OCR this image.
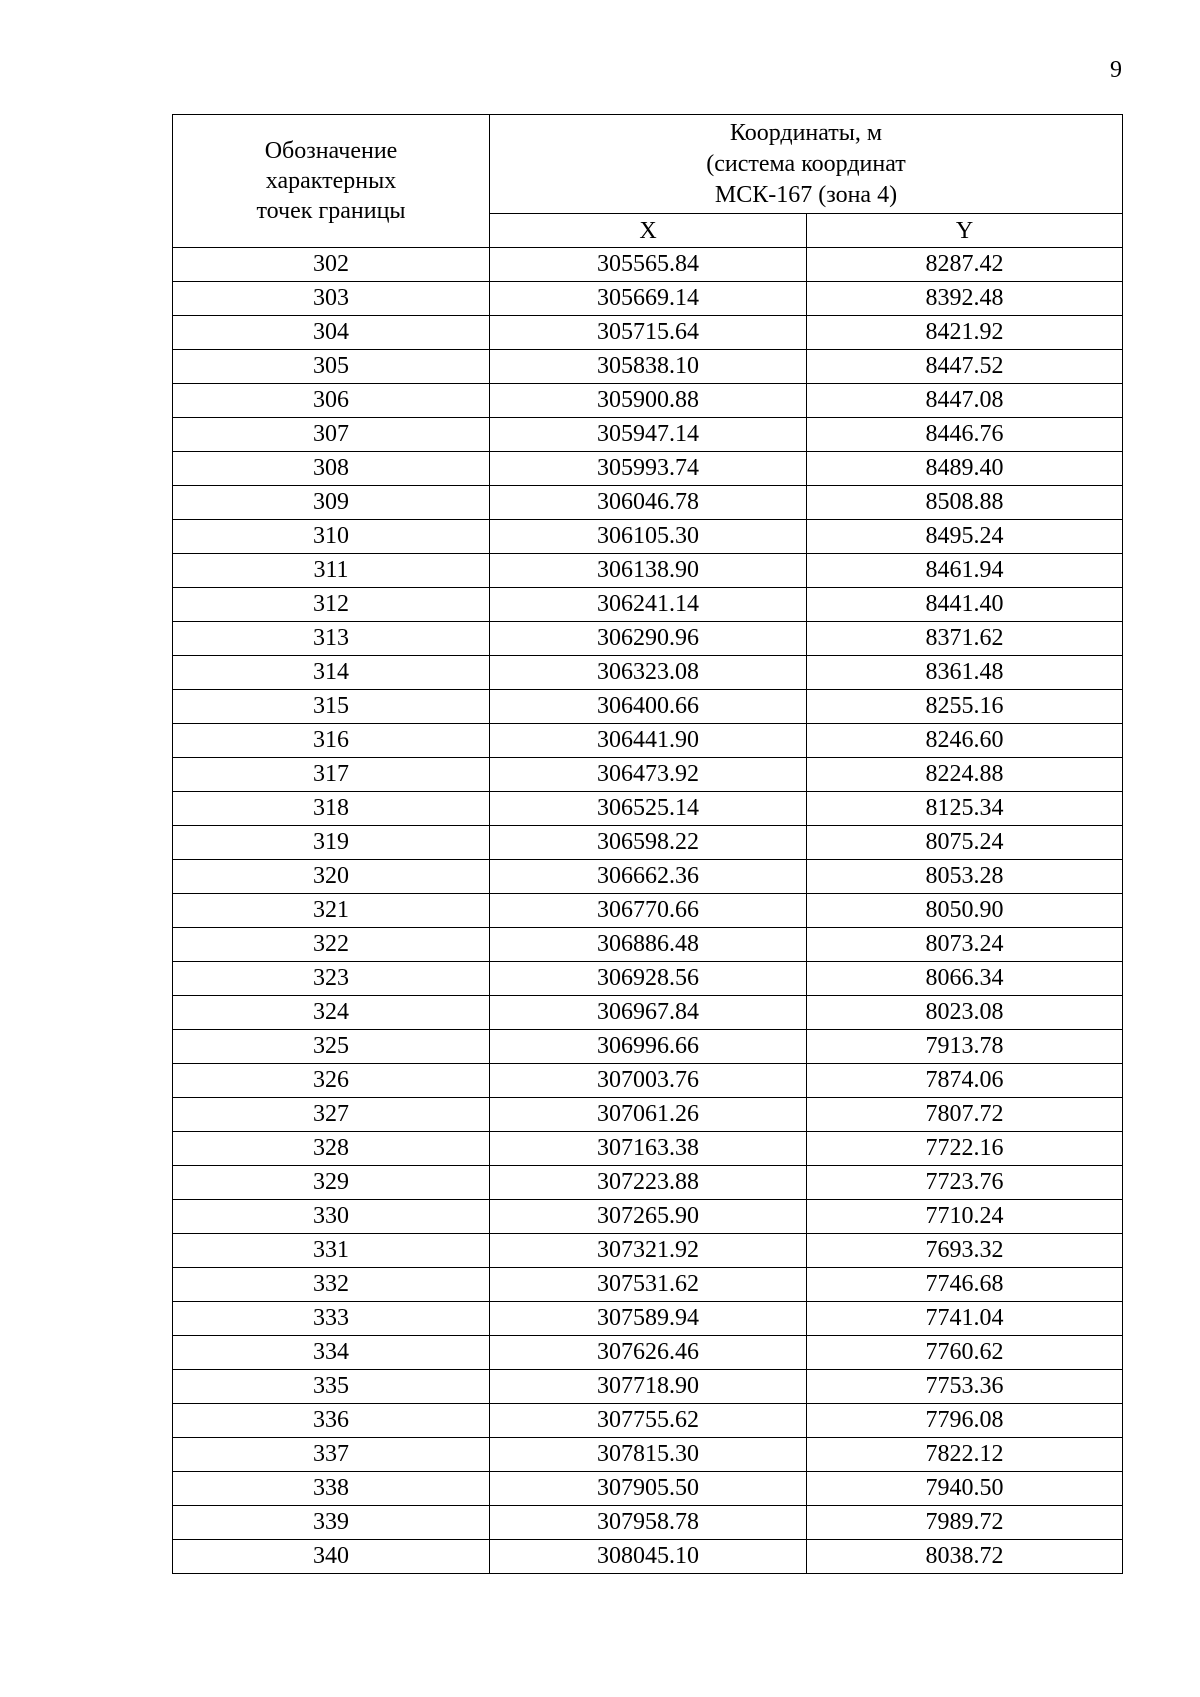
9
Обозначение
характерных
точек границы	Координаты, м
(система координат
МСК-167 (зона 4)	
	X	Y
302	305565.84	8287.42
303	305669.14	8392.48
304	305715.64	8421.92
305	305838.10	8447.52
306	305900.88	8447.08
307	305947.14	8446.76
308	305993.74	8489.40
309	306046.78	8508.88
310	306105.30	8495.24
311	306138.90	8461.94
312	306241.14	8441.40
313	306290.96	8371.62
314	306323.08	8361.48
315	306400.66	8255.16
316	306441.90	8246.60
317	306473.92	8224.88
318	306525.14	8125.34
319	306598.22	8075.24
320	306662.36	8053.28
321	306770.66	8050.90
322	306886.48	8073.24
323	306928.56	8066.34
324	306967.84	8023.08
325	306996.66	7913.78
326	307003.76	7874.06
327	307061.26	7807.72
328	307163.38	7722.16
329	307223.88	7723.76
330	307265.90	7710.24
331	307321.92	7693.32
332	307531.62	7746.68
333	307589.94	7741.04
334	307626.46	7760.62
335	307718.90	7753.36
336	307755.62	7796.08
337	307815.30	7822.12
338	307905.50	7940.50
339	307958.78	7989.72
340	308045.10	8038.72
